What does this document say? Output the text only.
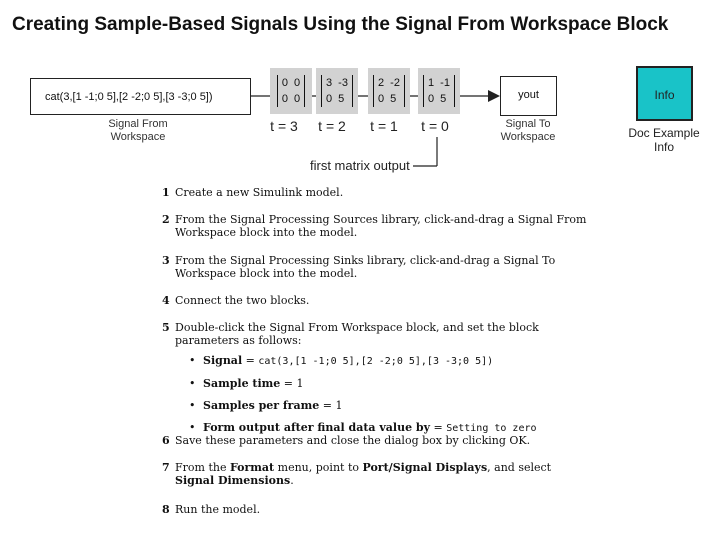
Creating Sample-Based Signals Using the Signal From Workspace Block
cat(3,[1 -1;0 5],[2 -2;0 5],[3 -3;0 5])
Signal From
Workspace
0 0
0 0
3 -3
0 5
2 -2
0 5
1 -1
0 5
t = 3	t = 2	t = 1	t = 0
first matrix output
yout
Signal To
Workspace
Info
Doc Example
Info
1 Create a new Simulink model.
2 From the Signal Processing Sources library, click-and-drag a Signal From
Workspace block into the model.
3 From the Signal Processing Sinks library, click-and-drag a Signal To
Workspace block into the model.
4 Connect the two blocks.
5 Double-click the Signal From Workspace block, and set the block
parameters as follows:
• Signal = cat(3,[1 -1;0 5],[2 -2;0 5],[3 -3;0 5])
• Sample time = 1
• Samples per frame = 1
• Form output after final data value by = Setting to zero
6 Save these parameters and close the dialog box by clicking OK.
7 From the Format menu, point to Port/Signal Displays, and select
Signal Dimensions.
8 Run the model.
